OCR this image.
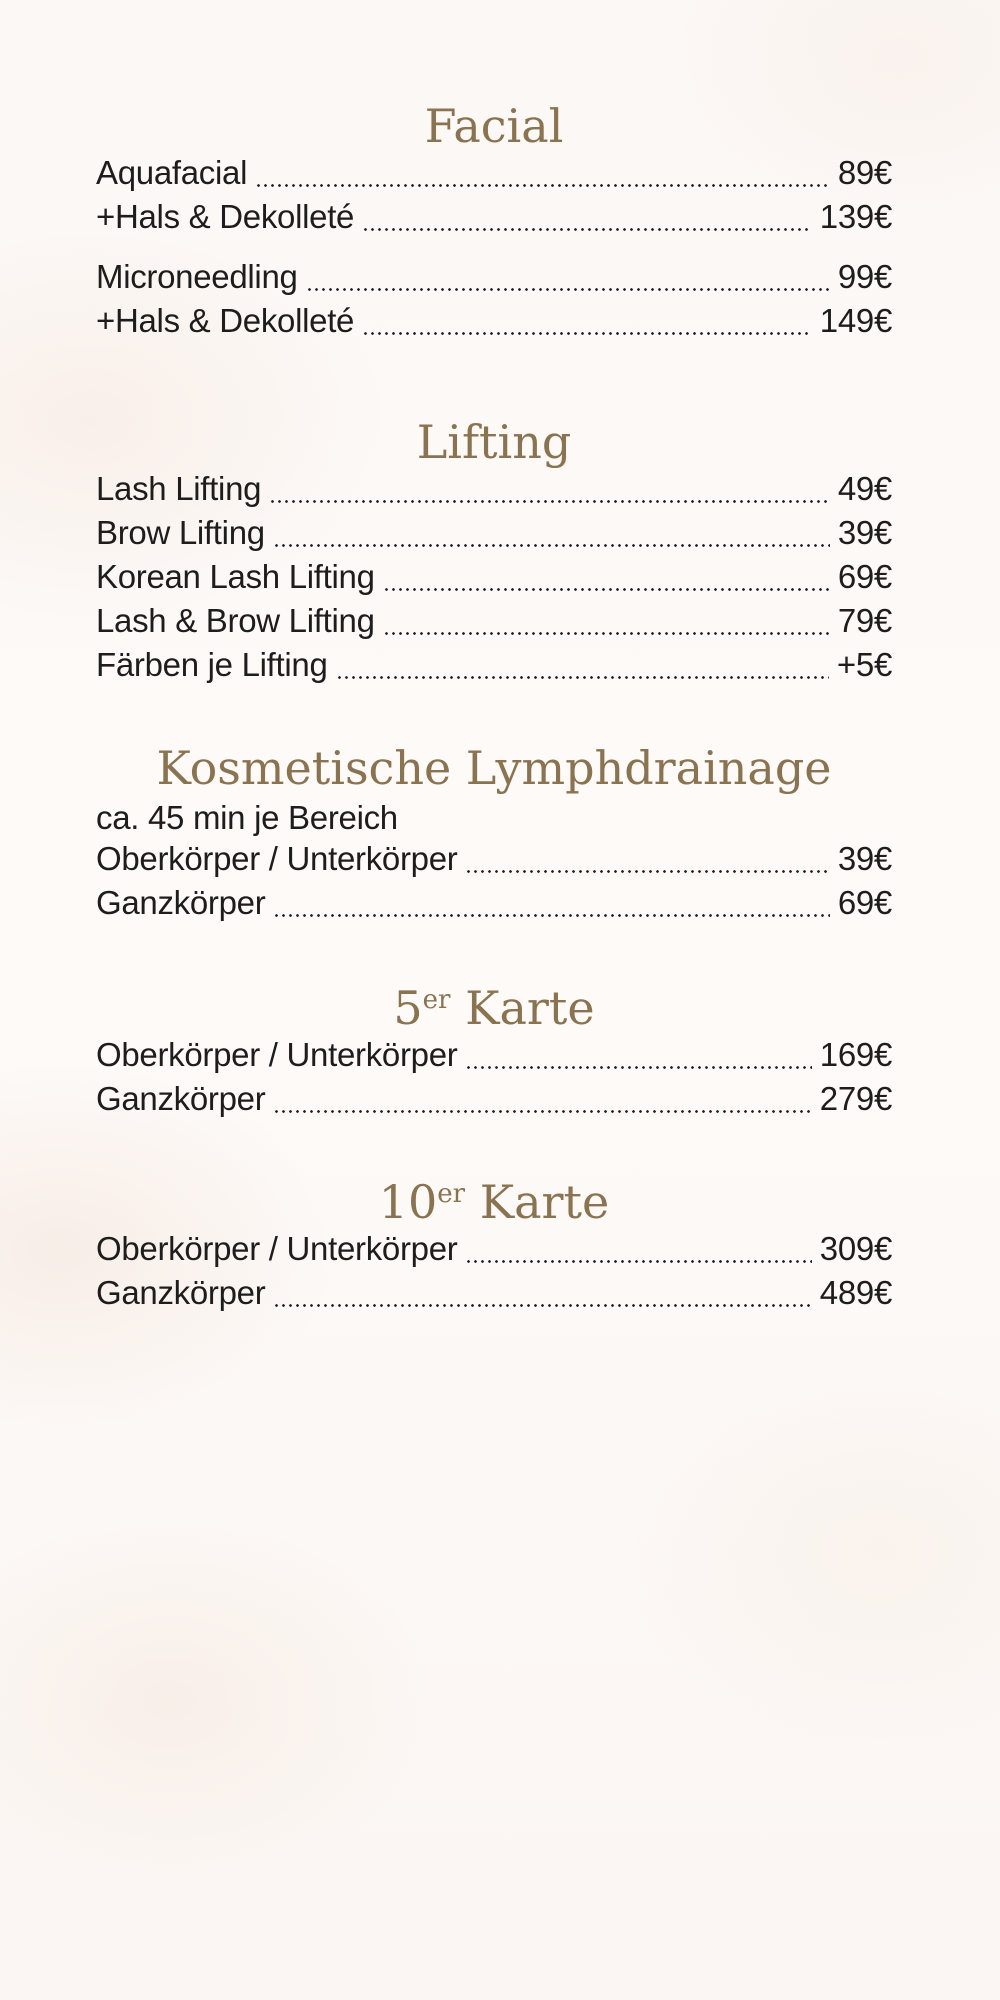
Facial
Aquafacial	89€
+Hals & Dekolleté	139€
Microneedling	99€
+Hals & Dekolleté	149€
Lifting
Lash Lifting	49€
Brow Lifting	39€
Korean Lash Lifting	69€
Lash & Brow Lifting	79€
Färben je Lifting	+5€
Kosmetische Lymphdrainage
ca. 45 min je Bereich
Oberkörper / Unterkörper	39€
Ganzkörper	69€
5er Karte
Oberkörper / Unterkörper	169€
Ganzkörper	279€
10er Karte
Oberkörper / Unterkörper	309€
Ganzkörper	489€
